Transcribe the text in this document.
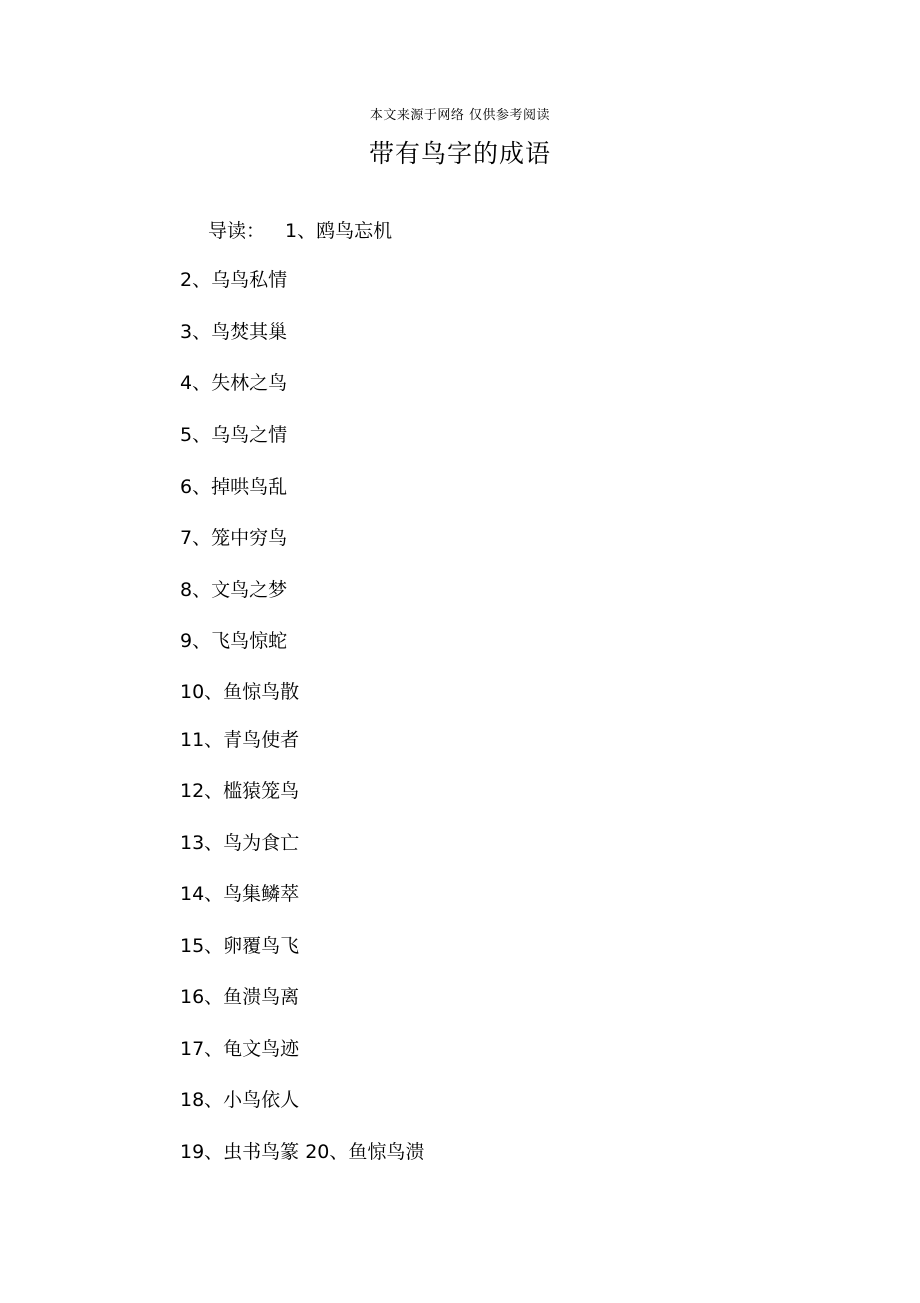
本文来源于网络 仅供参考阅读
带有鸟字的成语
导读： 1、鸥鸟忘机
2、乌鸟私情
3、鸟焚其巢
4、失林之鸟
5、乌鸟之情
6、掉哄鸟乱
7、笼中穷鸟
8、文鸟之梦
9、飞鸟惊蛇
10、鱼惊鸟散
11、青鸟使者
12、槛猿笼鸟
13、鸟为食亡
14、鸟集鳞萃
15、卵覆鸟飞
16、鱼溃鸟离
17、龟文鸟迹
18、小鸟依人
19、虫书鸟篆 20、鱼惊鸟溃
